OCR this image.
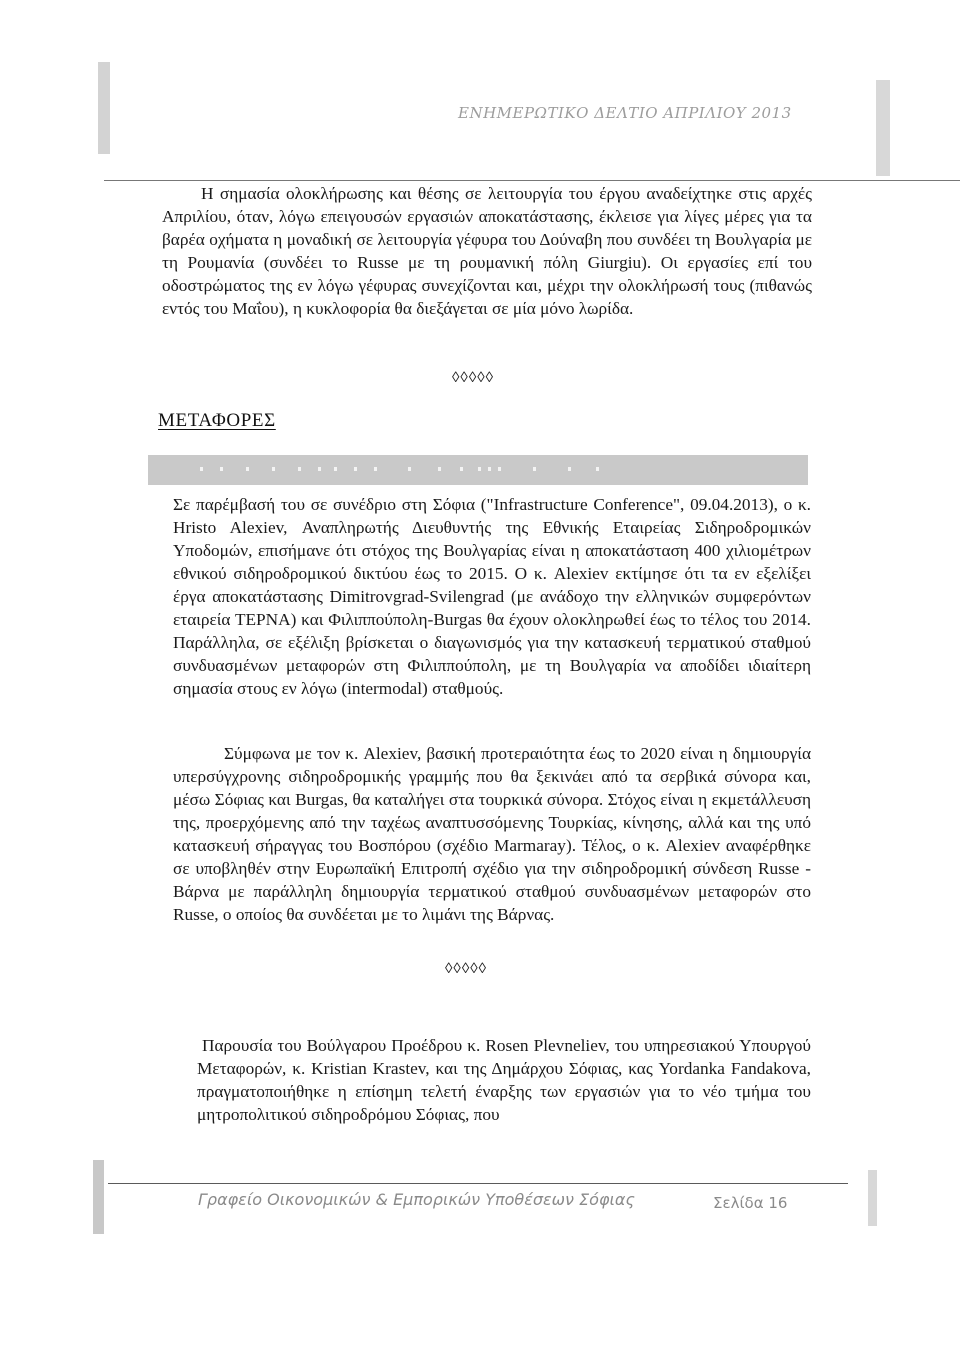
ΕΝΗΜΕΡΩΤΙΚΟ ΔΕΛΤΙΟ ΑΠΡΙΛΙΟΥ 2013

Η σημασία ολοκλήρωσης και θέσης σε λειτουργία του έργου αναδείχτηκε στις αρχές Απριλίου, όταν, λόγω επειγουσών εργασιών αποκατάστασης, έκλεισε για λίγες μέρες για τα βαρέα οχήματα η μοναδική σε λειτουργία γέφυρα του Δούναβη που συνδέει τη Βουλγαρία με τη Ρουμανία (συνδέει το Russe με τη ρουμανική πόλη Giurgiu). Οι εργασίες επί του οδοστρώματος της εν λόγω γέφυρας συνεχίζονται και, μέχρι την ολοκλήρωσή τους (πιθανώς εντός του Μαΐου), η κυκλοφορία θα διεξάγεται σε μία μόνο λωρίδα.

◊◊◊◊◊

ΜΕΤΑΦΟΡΕΣ

Σε παρέμβασή του σε συνέδριο στη Σόφια ("Infrastructure Conference", 09.04.2013), ο κ. Hristo Alexiev, Αναπληρωτής Διευθυντής της Εθνικής Εταιρείας Σιδηροδρομικών Υποδομών, επισήμανε ότι στόχος της Βουλγαρίας είναι η αποκατάσταση 400 χιλιομέτρων εθνικού σιδηροδρομικού δικτύου έως το 2015. Ο κ. Alexiev εκτίμησε ότι τα εν εξελίξει έργα αποκατάστασης Dimitrovgrad-Svilengrad (με ανάδοχο την ελληνικών συμφερόντων εταιρεία ΤΕΡΝΑ) και Φιλιππούπολη-Burgas θα έχουν ολοκληρωθεί έως το τέλος του 2014. Παράλληλα, σε εξέλιξη βρίσκεται ο διαγωνισμός για την κατασκευή τερματικού σταθμού συνδυασμένων μεταφορών στη Φιλιππούπολη, με τη Βουλγαρία να αποδίδει ιδιαίτερη σημασία στους εν λόγω (intermodal) σταθμούς.

Σύμφωνα με τον κ. Alexiev, βασική προτεραιότητα έως το 2020 είναι η δημιουργία υπερσύγχρονης σιδηροδρομικής γραμμής που θα ξεκινάει από τα σερβικά σύνορα και, μέσω Σόφιας και Burgas, θα καταλήγει στα τουρκικά σύνορα. Στόχος είναι η εκμετάλλευση της, προερχόμενης από την ταχέως αναπτυσσόμενης Τουρκίας, κίνησης, αλλά και της υπό κατασκευή σήραγγας του Βοσπόρου (σχέδιο Marmaray). Τέλος, ο κ. Alexiev αναφέρθηκε σε υποβληθέν στην Ευρωπαϊκή Επιτροπή σχέδιο για την σιδηροδρομική σύνδεση Russe - Βάρνα με παράλληλη δημιουργία τερματικού σταθμού συνδυασμένων μεταφορών στο Russe, ο οποίος θα συνδέεται με το λιμάνι της Βάρνας.

◊◊◊◊◊

Παρουσία του Βούλγαρου Προέδρου κ. Rosen Plevneliev, του υπηρεσιακού Υπουργού Μεταφορών, κ. Kristian Krastev, και της Δημάρχου Σόφιας, κας Yordanka Fandakova, πραγματοποιήθηκε η επίσημη τελετή έναρξης των εργασιών για το νέο τμήμα του μητροπολιτικού σιδηροδρόμου Σόφιας, που

Γραφείο Οικονομικών & Εμπορικών Υποθέσεων Σόφιας	Σελίδα 16
